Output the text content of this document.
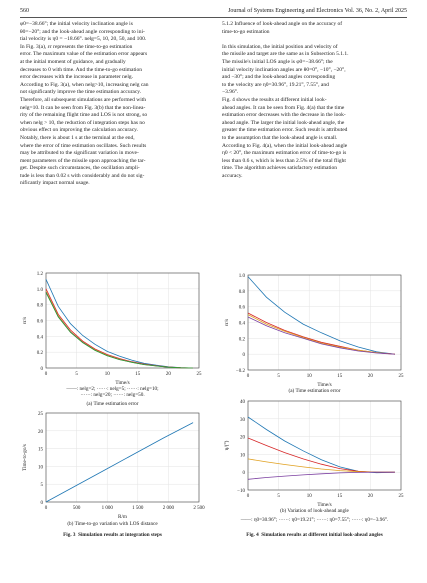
560	Journal of Systems Engineering and Electronics Vol. 36, No. 2, April 2025
φ0=−38.66°; the initial velocity inclination angle is
θ0=−20°; and the look-ahead angle corresponding to ini-
tial velocity is η0 = −18.66°. nelg=5, 10, 20, 50, and 100.
In Fig. 3(a), εr represents the time-to-go estimation
error. The maximum value of the estimation error appears
at the initial moment of guidance, and gradually
decreases to 0 with time. And the time-to-go estimation
error decreases with the increase in parameter nelg.
According to Fig. 3(a), when nelg>10, increasing nelg can
not significantly improve the time estimation accuracy.
Therefore, all subsequent simulations are performed with
nelg=10. It can be seen from Fig. 3(b) that the non-linea-
rity of the remaining flight time and LOS is not strong, so
when nelg > 10, the reduction of integration steps has no
obvious effect on improving the calculation accuracy.
Notably, there is about 1 s at the terminal at the end,
where the error of time estimation oscillates. Such results
may be attributed to the significant variation in move-
ment parameters of the missile upon approaching the tar-
get. Despite such circumstances, the oscillation ampli-
tude is less than 0.02 s with considerably and do not sig-
nificantly impact normal usage.
5.1.2 Influence of look-ahead angle on the accuracy of
time-to-go estimation

In this simulation, the initial position and velocity of
the missile and target are the same as in Subsection 5.1.1.
The missile's initial LOS angle is φ0=−38.66°; the
initial velocity inclination angles are θ0=0°, −10°, −20°,
and −30°; and the look-ahead angles corresponding
to the velocity are η0=30.96°, 19.21°, 7.55°, and
−3.96°.
Fig. 4 shows the results at different initial look-
ahead angles. It can be seen from Fig. 4(a) that the time
estimation error decreases with the decrease in the look-
ahead angle. The larger the initial look-ahead angle, the
greater the time estimation error. Such result is attributed
to the assumption that the look-ahead angle is small.
According to Fig. 4(a), when the initial look-ahead angle
η0 < 20°, the maximum estimation error of time-to-go is
less than 0.6 s, which is less than 2.5% of the total flight
time. The algorithm achieves satisfactory estimation
accuracy.
0
0.2
0.4
0.6
0.8
1.0
1.2
0	5	10	15	20	25
Time/s
εr/s
——: nelg=2; ······: nelg=5; ······: nelg=10;
······: nelg=20; ······: nelg=50.
(a) Time estimation error
0
5
10
15
20
25
0	500	1 000	1 500	2 000	2 500
R/m
Time-to-go/s
(b) Time-to-go variation with LOS distance
Fig. 3 Simulation results at integration steps
−0.2
0
0.2
0.4
0.6
0.8
1.0
0	5	10	15	20	25
Time/s
εr/s
(a) Time estimation error
−10
0
10
20
30
40
0	5	10	15	20	25
Time/s
η/(°)
(b) Variation of look-ahead angle
——: η0=30.96°; ······: η0=19.21°; ······: η0=7.55°; ······: η0=−3.96°.
Fig. 4 Simulation results at different initial look-ahead angles
